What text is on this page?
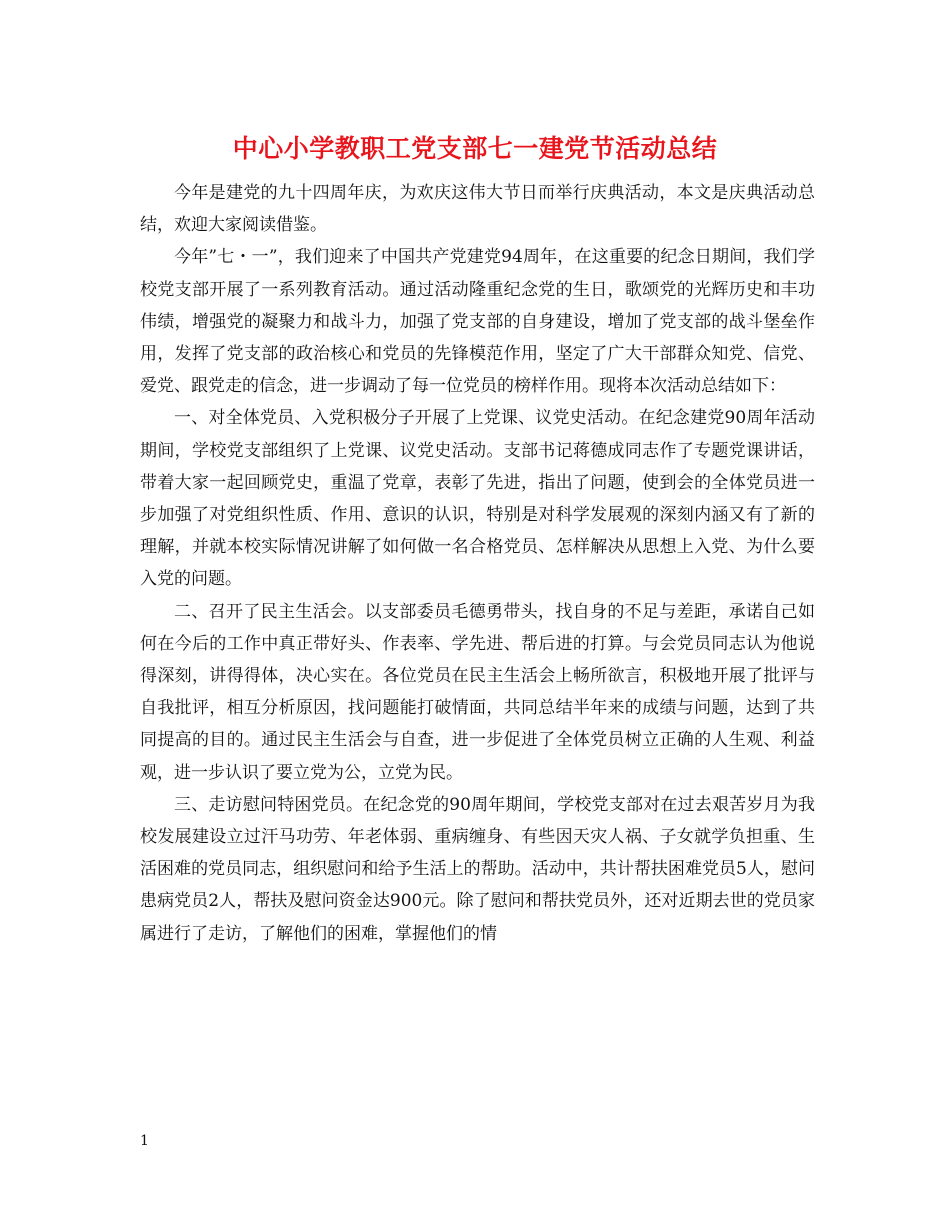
中心小学教职工党支部七一建党节活动总结

今年是建党的九十四周年庆，为欢庆这伟大节日而举行庆典活动，本文是庆典活动总结，欢迎大家阅读借鉴。

今年”七・一”，我们迎来了中国共产党建党94周年，在这重要的纪念日期间，我们学校党支部开展了一系列教育活动。通过活动隆重纪念党的生日，歌颂党的光辉历史和丰功伟绩，增强党的凝聚力和战斗力，加强了党支部的自身建设，增加了党支部的战斗堡垒作用，发挥了党支部的政治核心和党员的先锋模范作用，坚定了广大干部群众知党、信党、爱党、跟党走的信念，进一步调动了每一位党员的榜样作用。现将本次活动总结如下：

一、对全体党员、入党积极分子开展了上党课、议党史活动。在纪念建党90周年活动期间，学校党支部组织了上党课、议党史活动。支部书记蒋德成同志作了专题党课讲话，带着大家一起回顾党史，重温了党章，表彰了先进，指出了问题，使到会的全体党员进一步加强了对党组织性质、作用、意识的认识，特别是对科学发展观的深刻内涵又有了新的理解，并就本校实际情况讲解了如何做一名合格党员、怎样解决从思想上入党、为什么要入党的问题。

二、召开了民主生活会。以支部委员毛德勇带头，找自身的不足与差距，承诺自己如何在今后的工作中真正带好头、作表率、学先进、帮后进的打算。与会党员同志认为他说得深刻，讲得得体，决心实在。各位党员在民主生活会上畅所欲言，积极地开展了批评与自我批评，相互分析原因，找问题能打破情面，共同总结半年来的成绩与问题，达到了共同提高的目的。通过民主生活会与自查，进一步促进了全体党员树立正确的人生观、利益观，进一步认识了要立党为公，立党为民。

三、走访慰问特困党员。在纪念党的90周年期间，学校党支部对在过去艰苦岁月为我校发展建设立过汗马功劳、年老体弱、重病缠身、有些因天灾人祸、子女就学负担重、生活困难的党员同志，组织慰问和给予生活上的帮助。活动中，共计帮扶困难党员5人，慰问患病党员2人，帮扶及慰问资金达900元。除了慰问和帮扶党员外，还对近期去世的党员家属进行了走访，了解他们的困难，掌握他们的情

1
